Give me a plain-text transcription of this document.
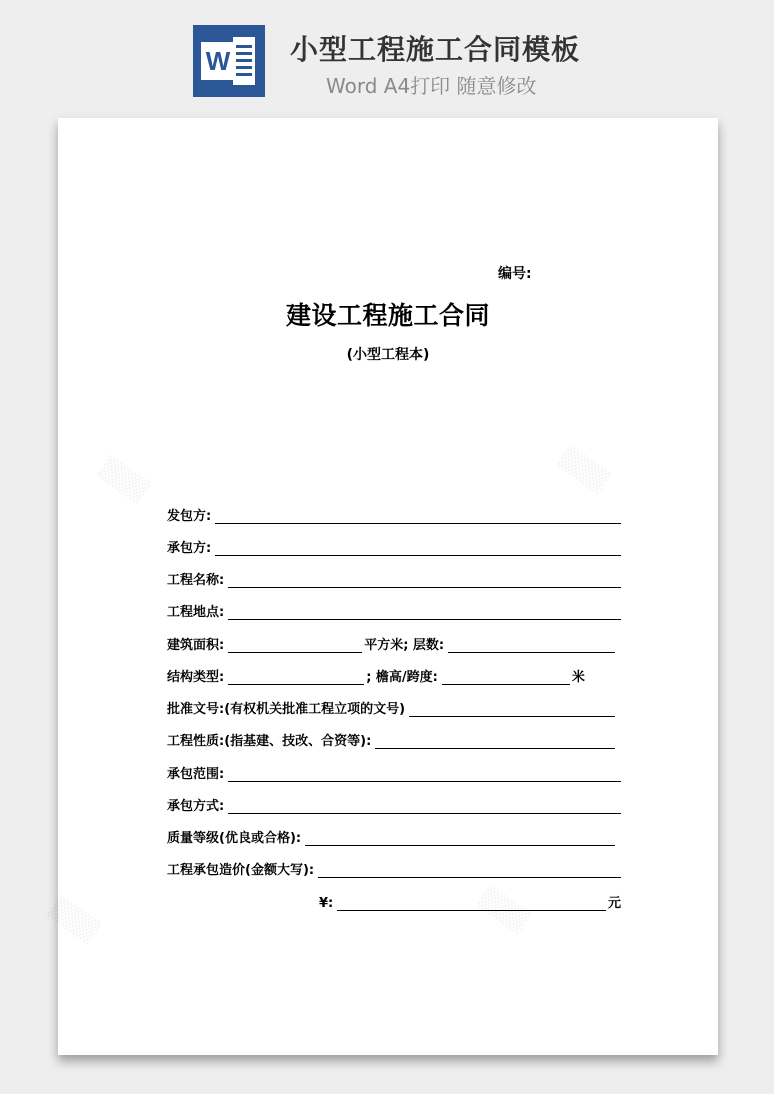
W 小型工程施工合同模板
Word A4打印 随意修改
编号:
建设工程施工合同
(小型工程本)
发包方:
承包方:
工程名称:
工程地点:
建筑面积:	平方米; 层数:
结构类型:	; 檐高/跨度:	米
批准文号:(有权机关批准工程立项的文号)
工程性质:(指基建、技改、合资等):
承包范围:
承包方式:
质量等级(优良或合格):
工程承包造价(金额大写):
¥:	元
